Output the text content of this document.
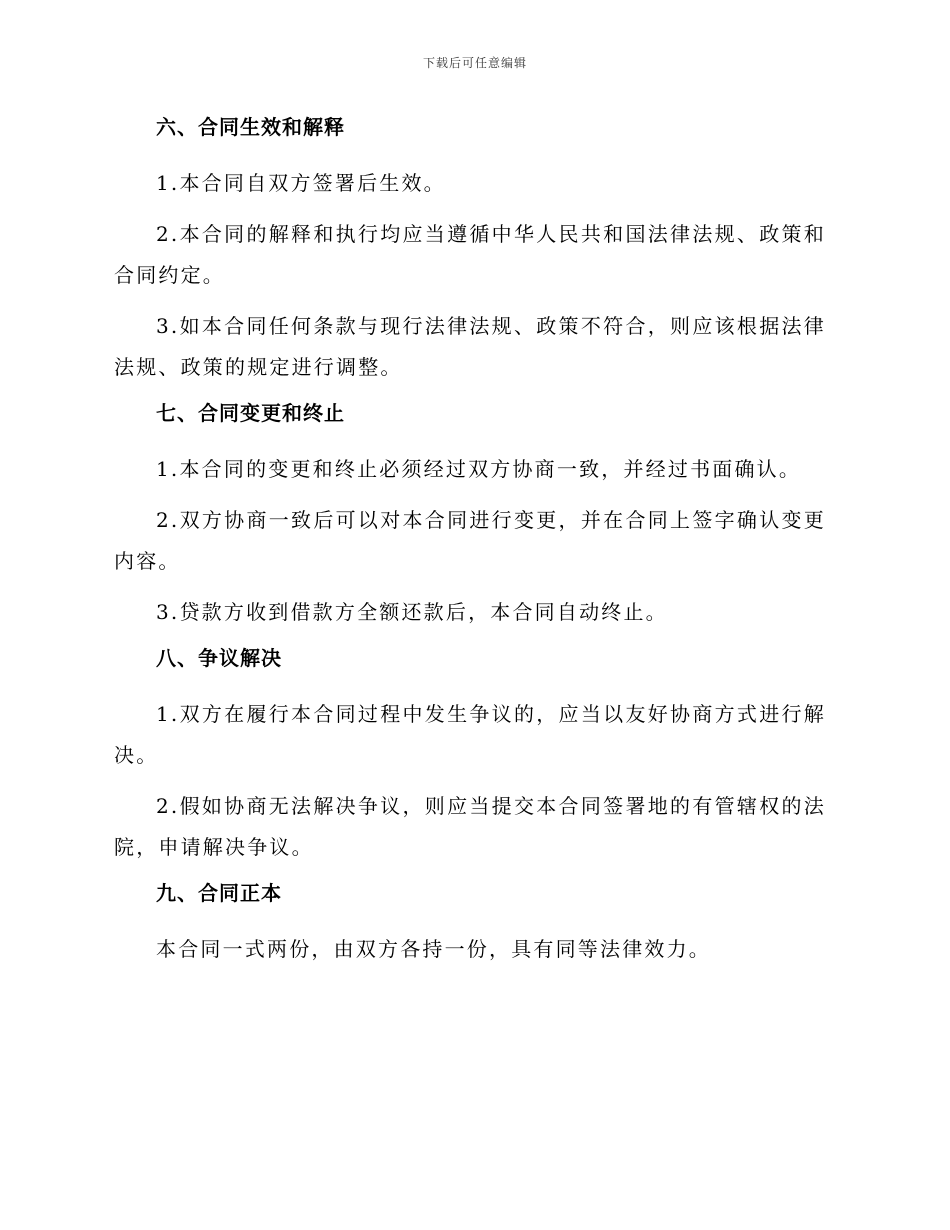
下载后可任意编辑
六、合同生效和解释

1.本合同自双方签署后生效。

2.本合同的解释和执行均应当遵循中华人民共和国法律法规、政策和合同约定。

3.如本合同任何条款与现行法律法规、政策不符合，则应该根据法律法规、政策的规定进行调整。

七、合同变更和终止

1.本合同的变更和终止必须经过双方协商一致，并经过书面确认。

2.双方协商一致后可以对本合同进行变更，并在合同上签字确认变更内容。

3.贷款方收到借款方全额还款后，本合同自动终止。

八、争议解决

1.双方在履行本合同过程中发生争议的，应当以友好协商方式进行解决。

2.假如协商无法解决争议，则应当提交本合同签署地的有管辖权的法院，申请解决争议。

九、合同正本

本合同一式两份，由双方各持一份，具有同等法律效力。
